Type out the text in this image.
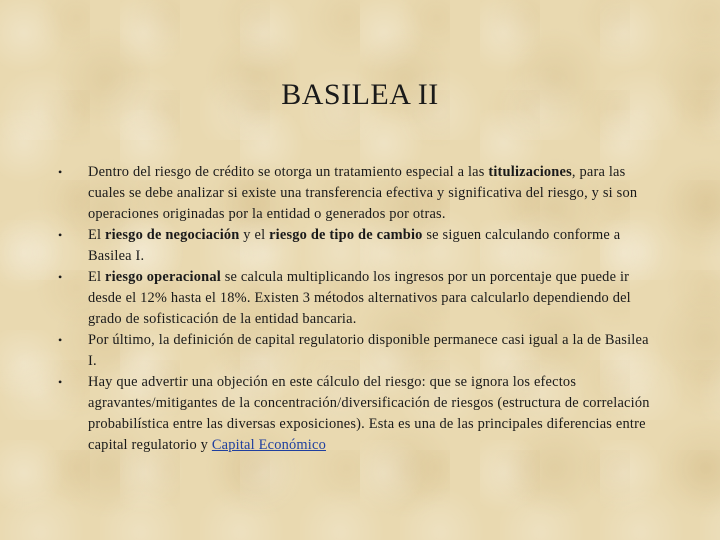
BASILEA II
• Dentro del riesgo de crédito se otorga un tratamiento especial a las titulizaciones, para las cuales se debe analizar si existe una transferencia efectiva y significativa del riesgo, y si son operaciones originadas por la entidad o generados por otras.
• El riesgo de negociación y el riesgo de tipo de cambio se siguen calculando conforme a Basilea I.
• El riesgo operacional se calcula multiplicando los ingresos por un porcentaje que puede ir desde el 12% hasta el 18%. Existen 3 métodos alternativos para calcularlo dependiendo del grado de sofisticación de la entidad bancaria.
• Por último, la definición de capital regulatorio disponible permanece casi igual a la de Basilea I.
• Hay que advertir una objeción en este cálculo del riesgo: que se ignora los efectos agravantes/mitigantes de la concentración/diversificación de riesgos (estructura de correlación probabilística entre las diversas exposiciones). Esta es una de las principales diferencias entre capital regulatorio y Capital Económico
